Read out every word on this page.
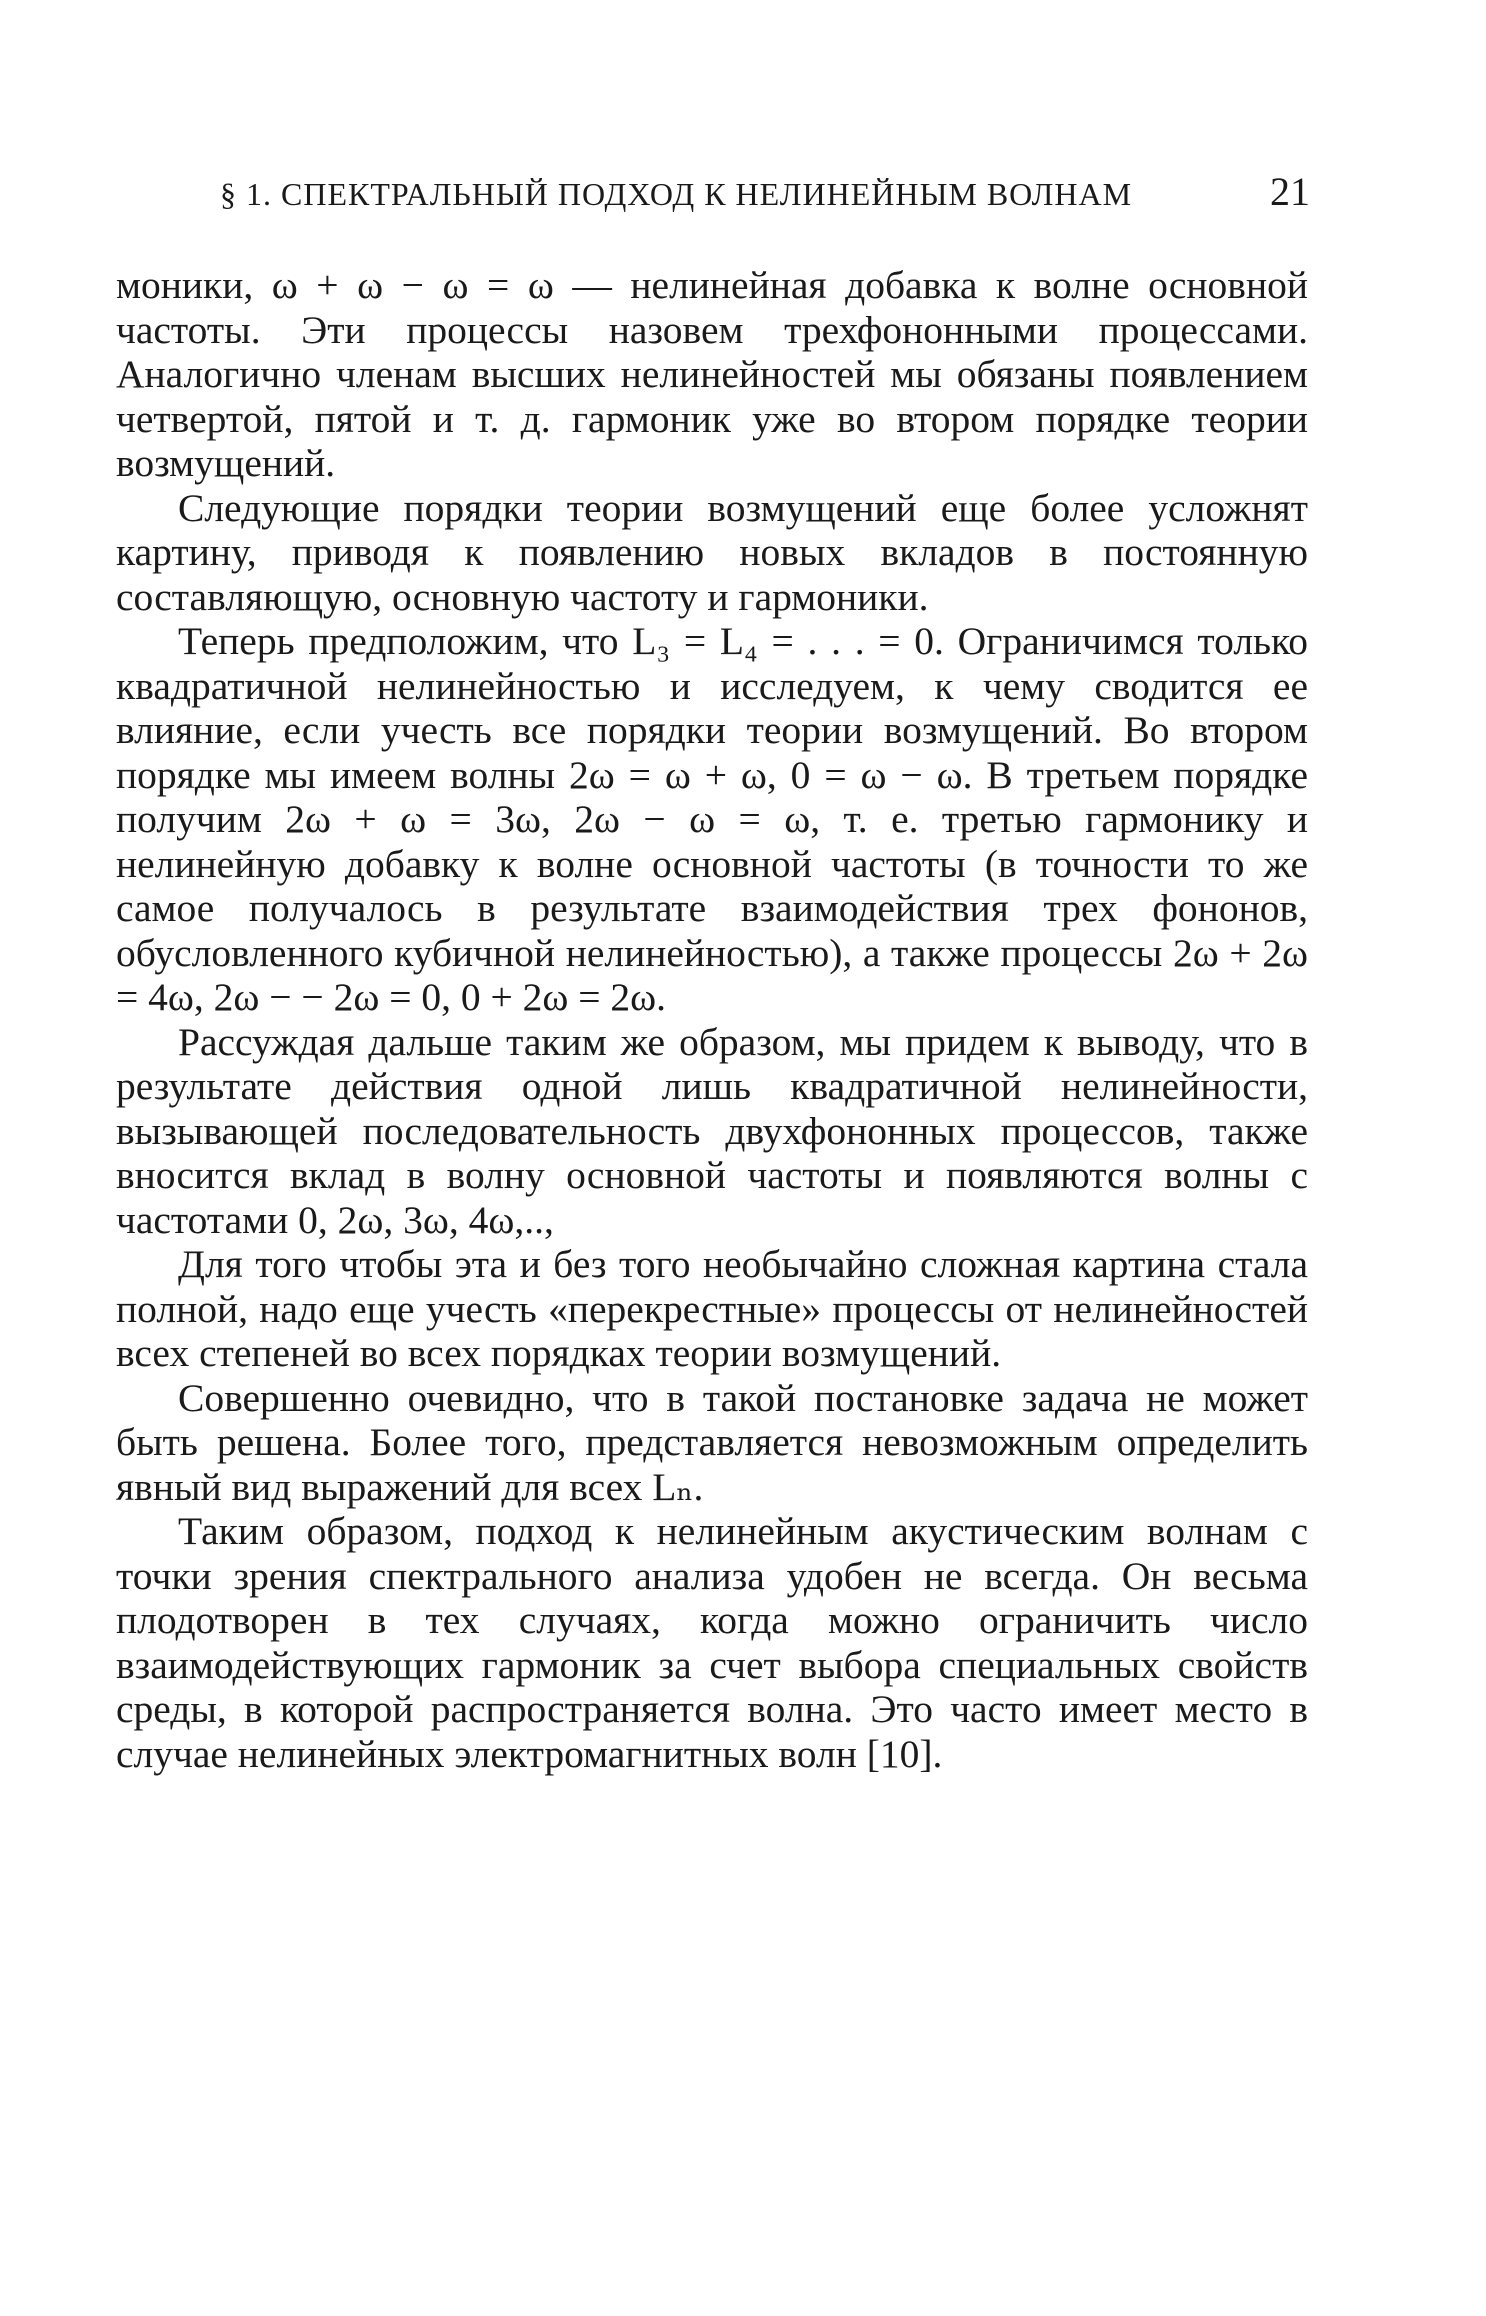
§ 1. СПЕКТРАЛЬНЫЙ ПОДХОД К НЕЛИНЕЙНЫМ ВОЛНАМ	21

моники, ω + ω − ω = ω — нелинейная добавка к волне основной частоты. Эти процессы назовем трехфононными процессами. Аналогично членам высших нелинейностей мы обязаны появлением четвертой, пятой и т. д. гармоник уже во втором порядке теории возмущений.

Следующие порядки теории возмущений еще более усложнят картину, приводя к появлению новых вкладов в постоянную составляющую, основную частоту и гармоники.

Теперь предположим, что L₃ = L₄ = . . . = 0. Ограничимся только квадратичной нелинейностью и исследуем, к чему сводится ее влияние, если учесть все порядки теории возмущений. Во втором порядке мы имеем волны 2ω = ω + ω, 0 = ω − ω. В третьем порядке получим 2ω + ω = 3ω, 2ω − ω = ω, т. е. третью гармонику и нелинейную добавку к волне основной частоты (в точности то же самое получалось в результате взаимодействия трех фононов, обусловленного кубичной нелинейностью), а также процессы 2ω + 2ω = 4ω, 2ω − − 2ω = 0, 0 + 2ω = 2ω.

Рассуждая дальше таким же образом, мы придем к выводу, что в результате действия одной лишь квадратичной нелинейности, вызывающей последовательность двухфононных процессов, также вносится вклад в волну основной частоты и появляются волны с частотами 0, 2ω, 3ω, 4ω,..,

Для того чтобы эта и без того необычайно сложная картина стала полной, надо еще учесть «перекрестные» процессы от нелинейностей всех степеней во всех порядках теории возмущений.

Совершенно очевидно, что в такой постановке задача не может быть решена. Более того, представляется невозможным определить явный вид выражений для всех Lₙ.

Таким образом, подход к нелинейным акустическим волнам с точки зрения спектрального анализа удобен не всегда. Он весьма плодотворен в тех случаях, когда можно ограничить число взаимодействующих гармоник за счет выбора специальных свойств среды, в которой распространяется волна. Это часто имеет место в случае нелинейных электромагнитных волн [10].
